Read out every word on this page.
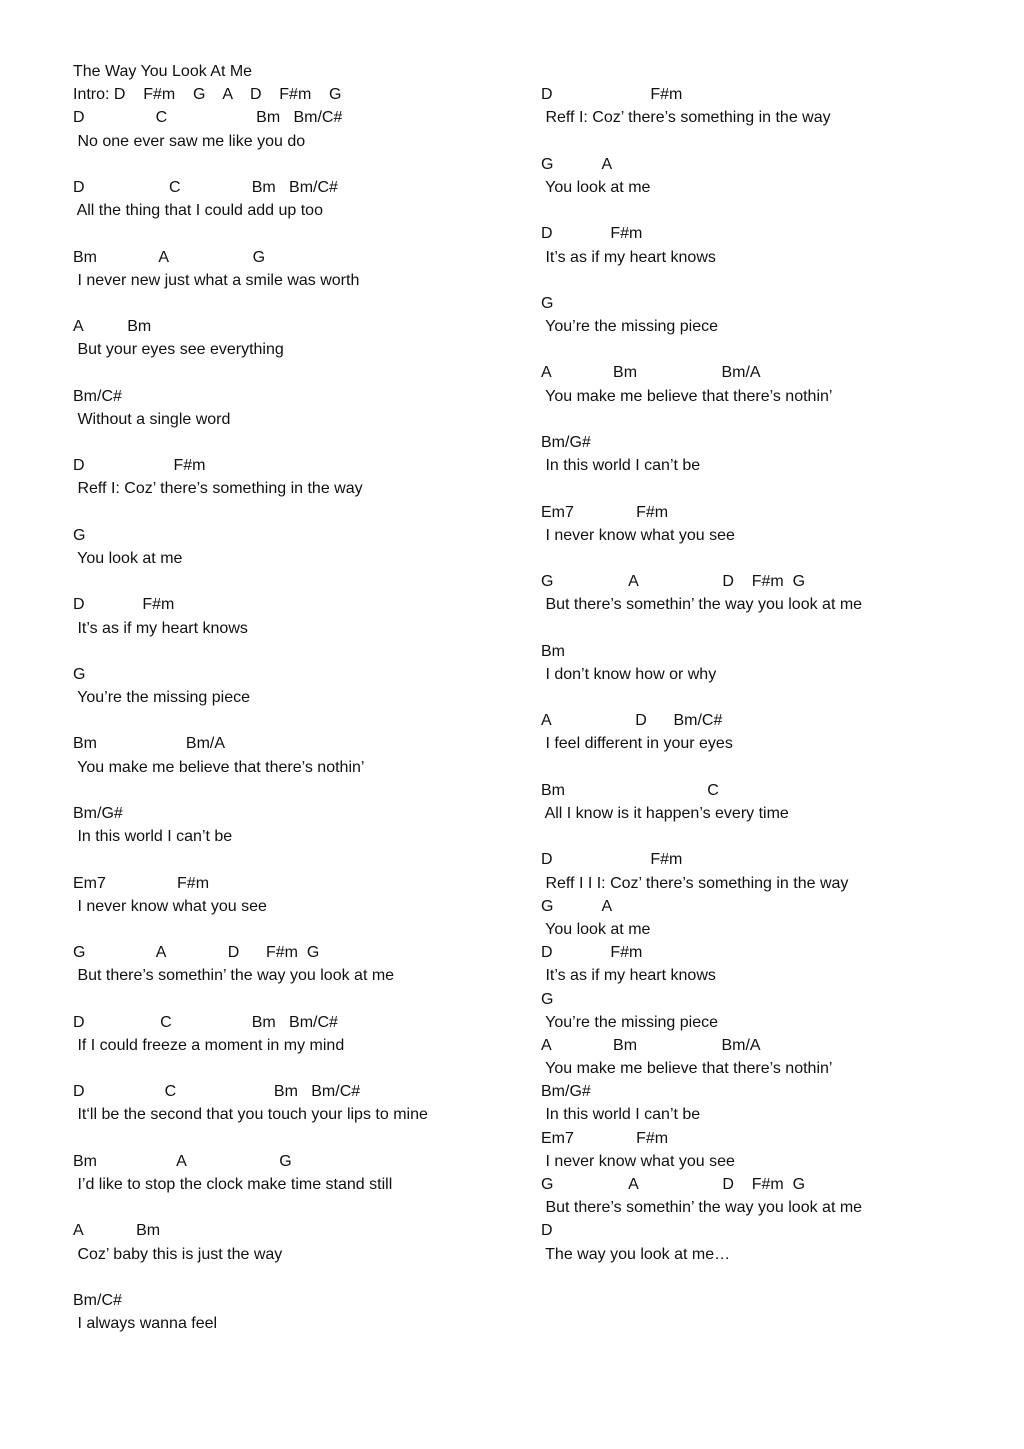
The Way You Look At Me
Intro: D    F#m    G    A    D    F#m    G
D                C                    Bm   Bm/C#
No one ever saw me like you do
D                   C                Bm   Bm/C#
All the thing that I could add up too
Bm              A                   G
I never new just what a smile was worth
A          Bm
But your eyes see everything
Bm/C#
Without a single word
D                    F#m
Reff I: Coz’ there’s something in the way
G
You look at me
D             F#m
It’s as if my heart knows
G
You’re the missing piece
Bm                    Bm/A
You make me believe that there’s nothin’
Bm/G#
In this world I can’t be
Em7                F#m
I never know what you see
G                A              D      F#m  G
But there’s somethin’ the way you look at me
D                 C                  Bm   Bm/C#
If I could freeze a moment in my mind
D                  C                      Bm   Bm/C#
It‘ll be the second that you touch your lips to mine
Bm                  A                     G
I’d like to stop the clock make time stand still
A            Bm
Coz’ baby this is just the way
Bm/C#
I always wanna feel
D                      F#m
Reff I: Coz’ there’s something in the way
G           A
You look at me
D             F#m
It’s as if my heart knows
G
You’re the missing piece
A              Bm                   Bm/A
You make me believe that there’s nothin’
Bm/G#
In this world I can’t be
Em7              F#m
I never know what you see
G                 A                   D    F#m  G
But there’s somethin’ the way you look at me
Bm
I don’t know how or why
A                   D      Bm/C#
I feel different in your eyes
Bm                                C
All I know is it happen’s every time
D                      F#m
Reff I I I: Coz’ there’s something in the way
G           A
You look at me
D             F#m
It’s as if my heart knows
G
You’re the missing piece
A              Bm                   Bm/A
You make me believe that there’s nothin’
Bm/G#
In this world I can’t be
Em7              F#m
I never know what you see
G                 A                   D    F#m  G
But there’s somethin’ the way you look at me
D
The way you look at me…
